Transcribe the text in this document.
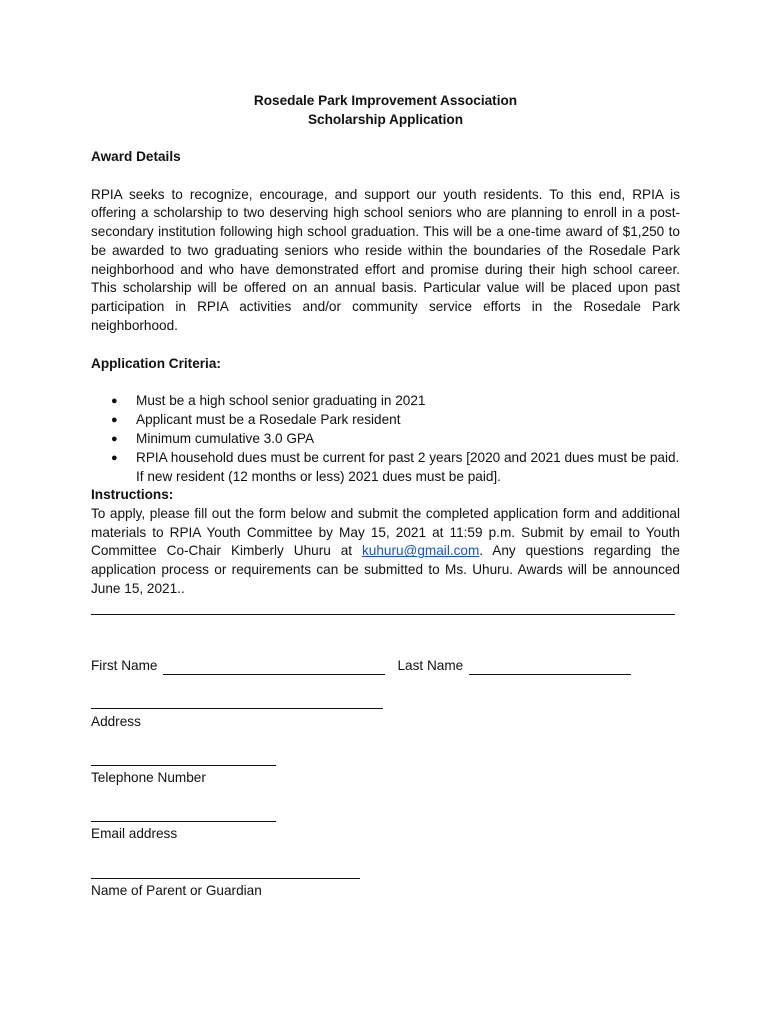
Rosedale Park Improvement Association

Scholarship Application

Award Details

RPIA seeks to recognize, encourage, and support our youth residents. To this end, RPIA is offering a scholarship to two deserving high school seniors who are planning to enroll in a post-secondary institution following high school graduation. This will be a one-time award of $1,250 to be awarded to two graduating seniors who reside within the boundaries of the Rosedale Park neighborhood and who have demonstrated effort and promise during their high school career. This scholarship will be offered on an annual basis. Particular value will be placed upon past participation in RPIA activities and/or community service efforts in the Rosedale Park neighborhood.

Application Criteria:

● Must be a high school senior graduating in 2021
● Applicant must be a Rosedale Park resident
● Minimum cumulative 3.0 GPA
● RPIA household dues must be current for past 2 years [2020 and 2021 dues must be paid. If new resident (12 months or less) 2021 dues must be paid].

Instructions:

To apply, please fill out the form below and submit the completed application form and additional materials to RPIA Youth Committee by May 15, 2021 at 11:59 p.m. Submit by email to Youth Committee Co-Chair Kimberly Uhuru at kuhuru@gmail.com. Any questions regarding the application process or requirements can be submitted to Ms. Uhuru. Awards will be announced June 15, 2021..

First Name	Last Name
Address
Telephone Number
Email address
Name of Parent or Guardian
